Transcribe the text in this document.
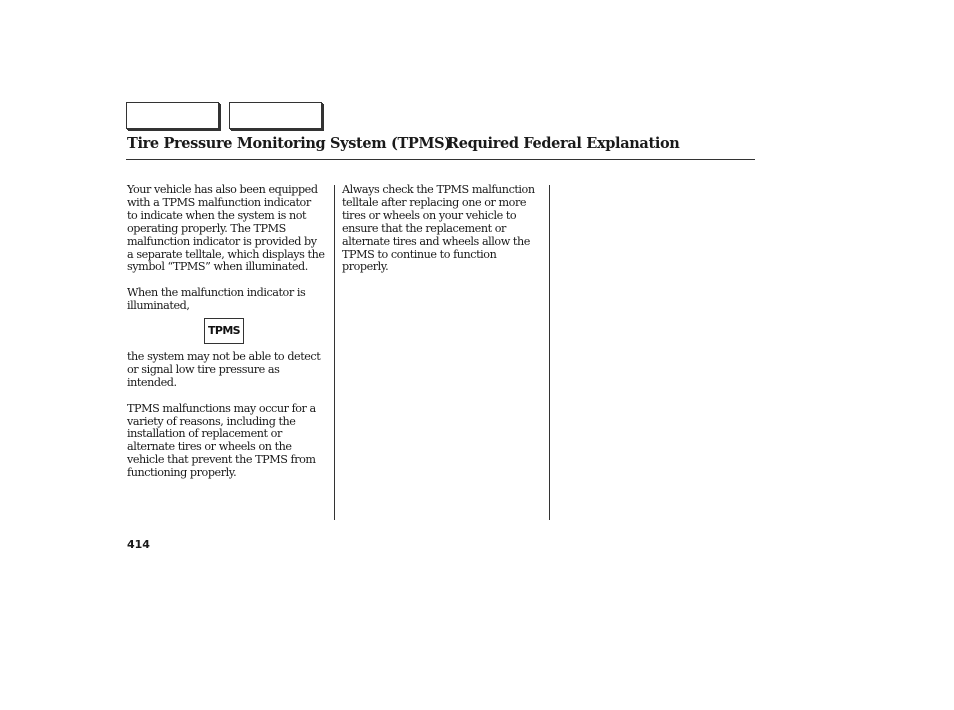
Tire Pressure Monitoring System (TPMS)
Required Federal Explanation

Your vehicle has also been equipped
with a TPMS malfunction indicator
to indicate when the system is not
operating properly. The TPMS
malfunction indicator is provided by
a separate telltale, which displays the
symbol “TPMS” when illuminated.

When the malfunction indicator is
illuminated,

TPMS

the system may not be able to detect
or signal low tire pressure as
intended.

TPMS malfunctions may occur for a
variety of reasons, including the
installation of replacement or
alternate tires or wheels on the
vehicle that prevent the TPMS from
functioning properly.

Always check the TPMS malfunction
telltale after replacing one or more
tires or wheels on your vehicle to
ensure that the replacement or
alternate tires and wheels allow the
TPMS to continue to function
properly.

414
